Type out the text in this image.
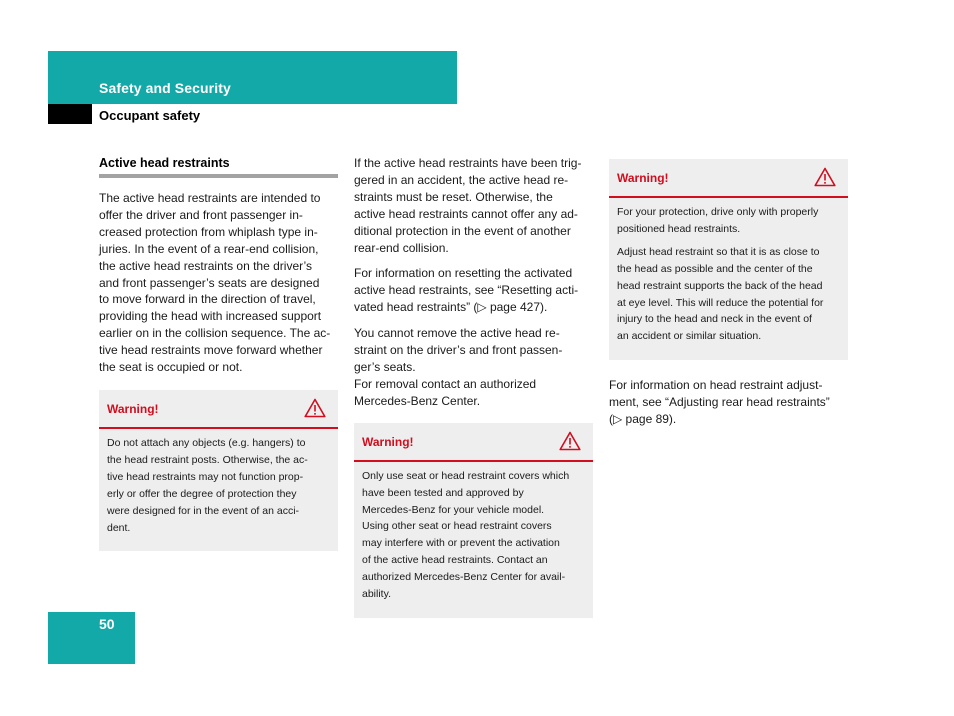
Safety and Security
Occupant safety
Active head restraints

The active head restraints are intended to
offer the driver and front passenger in-
creased protection from whiplash type in-
juries. In the event of a rear-end collision,
the active head restraints on the driver’s
and front passenger’s seats are designed
to move forward in the direction of travel,
providing the head with increased support
earlier on in the collision sequence. The ac-
tive head restraints move forward whether
the seat is occupied or not.

Warning!

Do not attach any objects (e.g. hangers) to
the head restraint posts. Otherwise, the ac-
tive head restraints may not function prop-
erly or offer the degree of protection they
were designed for in the event of an acci-
dent.

If the active head restraints have been trig-
gered in an accident, the active head re-
straints must be reset. Otherwise, the
active head restraints cannot offer any ad-
ditional protection in the event of another
rear-end collision.

For information on resetting the activated
active head restraints, see “Resetting acti-
vated head restraints” (▷ page 427).

You cannot remove the active head re-
straint on the driver’s and front passen-
ger’s seats.
For removal contact an authorized
Mercedes-Benz Center.

Warning!

Only use seat or head restraint covers which
have been tested and approved by
Mercedes-Benz for your vehicle model.
Using other seat or head restraint covers
may interfere with or prevent the activation
of the active head restraints. Contact an
authorized Mercedes-Benz Center for avail-
ability.

Warning!

For your protection, drive only with properly
positioned head restraints.

Adjust head restraint so that it is as close to
the head as possible and the center of the
head restraint supports the back of the head
at eye level. This will reduce the potential for
injury to the head and neck in the event of
an accident or similar situation.

For information on head restraint adjust-
ment, see “Adjusting rear head restraints”
(▷ page 89).

50
